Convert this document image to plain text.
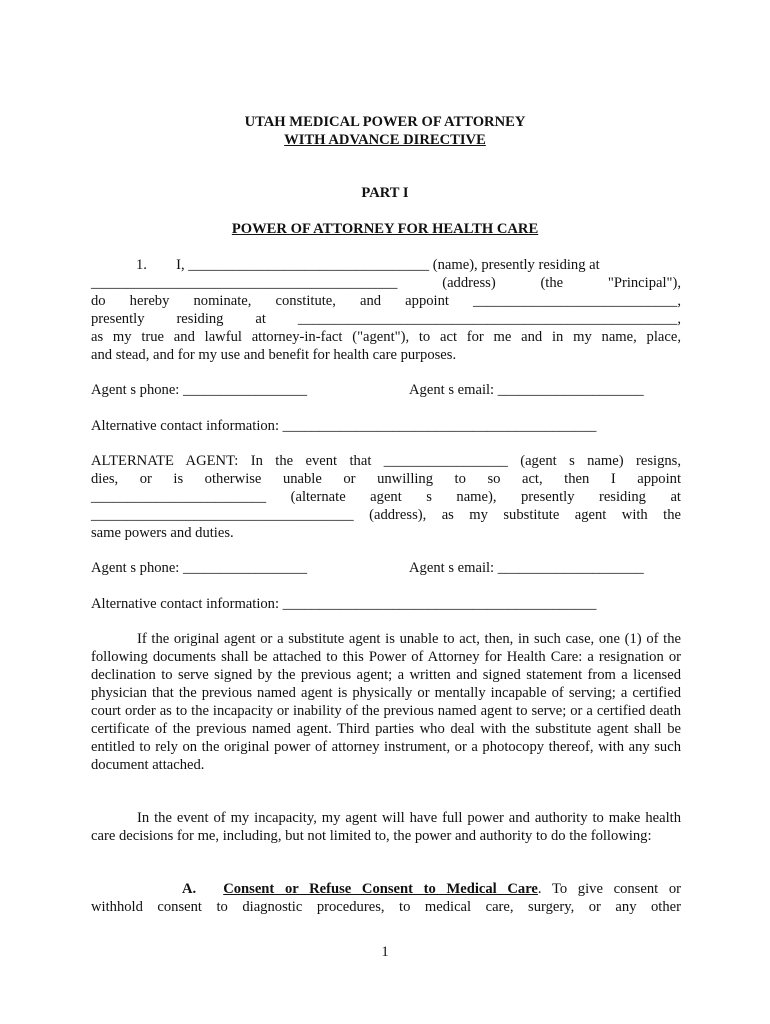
UTAH MEDICAL POWER OF ATTORNEY
WITH ADVANCE DIRECTIVE
PART I
POWER OF ATTORNEY FOR HEALTH CARE
1.        I, _________________________________ (name), presently residing at
__________________________________________ (address) (the "Principal"),
do hereby nominate, constitute, and appoint ____________________________,
presently residing at ____________________________________________________,
as my true and lawful attorney-in-fact ("agent"), to act for me and in my name, place,
and stead, and for my use and benefit for health care purposes.
Agent s phone: _________________	Agent s email: ____________________
Alternative contact information: ___________________________________________
ALTERNATE AGENT: In the event that _________________ (agent s name) resigns,
dies, or is otherwise unable or unwilling to so act, then I appoint
________________________ (alternate agent s name), presently residing at
____________________________________ (address), as my substitute agent with the
same powers and duties.
Agent s phone: _________________	Agent s email: ____________________
Alternative contact information: ___________________________________________
If the original agent or a substitute agent is unable to act, then, in such case, one (1) of the following documents shall be attached to this Power of Attorney for Health Care: a resignation or declination to serve signed by the previous agent; a written and signed statement from a licensed physician that the previous named agent is physically or mentally incapable of serving; a certified court order as to the incapacity or inability of the previous named agent to serve; or a certified death certificate of the previous named agent. Third parties who deal with the substitute agent shall be entitled to rely on the original power of attorney instrument, or a photocopy thereof, with any such document attached.
In the event of my incapacity, my agent will have full power and authority to make health care decisions for me, including, but not limited to, the power and authority to do the following:
A. Consent or Refuse Consent to Medical Care. To give consent or
withhold consent to diagnostic procedures, to medical care, surgery, or any other
1
